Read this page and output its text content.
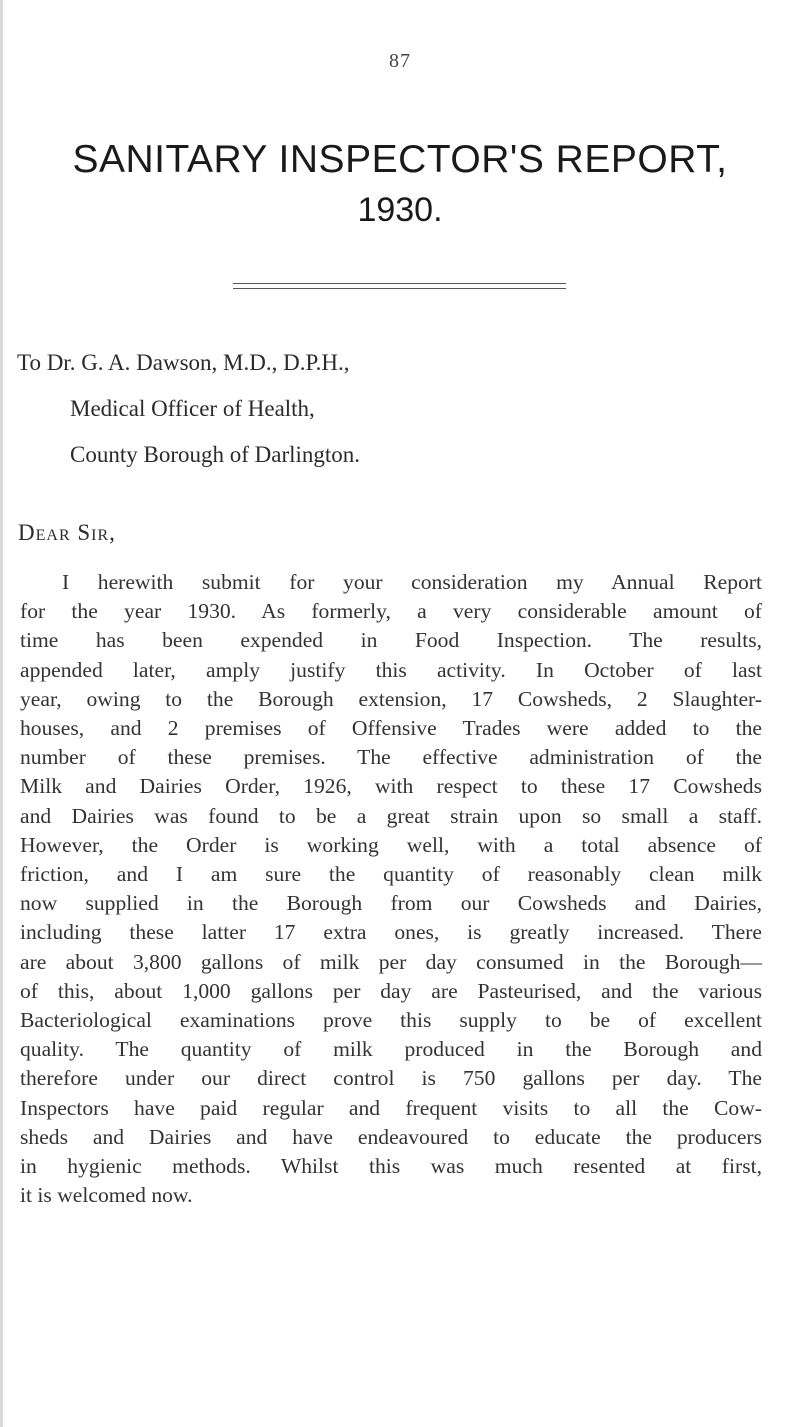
87
SANITARY INSPECTOR'S REPORT,
1930.
To Dr. G. A. Dawson, M.D., D.P.H.,
Medical Officer of Health,
County Borough of Darlington.
Dear Sir,
I herewith submit for your consideration my Annual Report
for the year 1930. As formerly, a very considerable amount of
time has been expended in Food Inspection. The results,
appended later, amply justify this activity. In October of last
year, owing to the Borough extension, 17 Cowsheds, 2 Slaughter-
houses, and 2 premises of Offensive Trades were added to the
number of these premises. The effective administration of the
Milk and Dairies Order, 1926, with respect to these 17 Cowsheds
and Dairies was found to be a great strain upon so small a staff.
However, the Order is working well, with a total absence of
friction, and I am sure the quantity of reasonably clean milk
now supplied in the Borough from our Cowsheds and Dairies,
including these latter 17 extra ones, is greatly increased. There
are about 3,800 gallons of milk per day consumed in the Borough—
of this, about 1,000 gallons per day are Pasteurised, and the various
Bacteriological examinations prove this supply to be of excellent
quality. The quantity of milk produced in the Borough and
therefore under our direct control is 750 gallons per day. The
Inspectors have paid regular and frequent visits to all the Cow-
sheds and Dairies and have endeavoured to educate the producers
in hygienic methods. Whilst this was much resented at first,
it is welcomed now.
